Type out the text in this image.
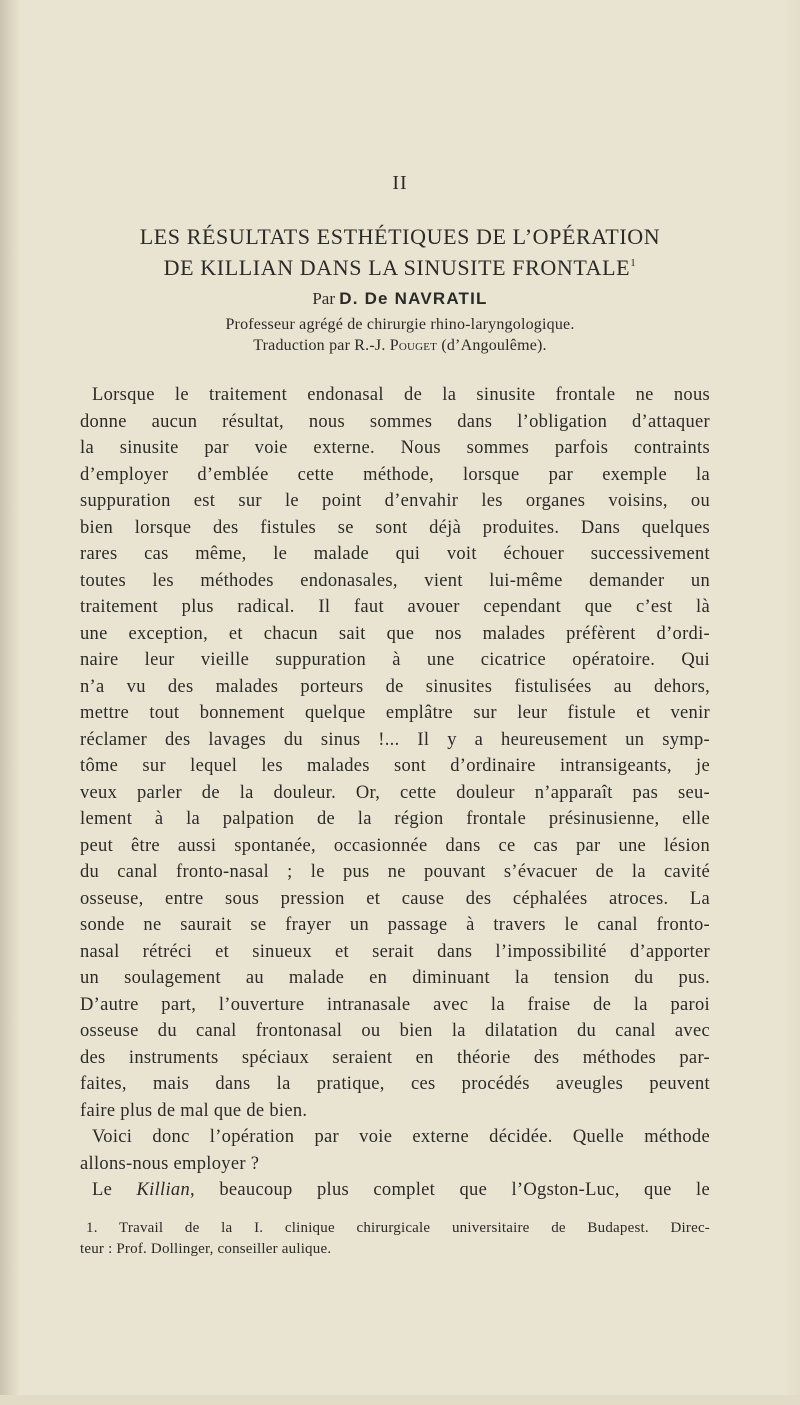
II
LES RÉSULTATS ESTHÉTIQUES DE L’OPÉRATION
DE KILLIAN DANS LA SINUSITE FRONTALE$^1$
Par D. De NAVRATIL
Professeur agrégé de chirurgie rhino-laryngologique.
Traduction par R.-J. Pouget (d’Angoulême).
Lorsque le traitement endonasal de la sinusite frontale ne nous
donne aucun résultat, nous sommes dans l’obligation d’attaquer
la sinusite par voie externe. Nous sommes parfois contraints
d’employer d’emblée cette méthode, lorsque par exemple la
suppuration est sur le point d’envahir les organes voisins, ou
bien lorsque des fistules se sont déjà produites. Dans quelques
rares cas même, le malade qui voit échouer successivement
toutes les méthodes endonasales, vient lui-même demander un
traitement plus radical. Il faut avouer cependant que c’est là
une exception, et chacun sait que nos malades préfèrent d’ordi-
naire leur vieille suppuration à une cicatrice opératoire. Qui
n’a vu des malades porteurs de sinusites fistulisées au dehors,
mettre tout bonnement quelque emplâtre sur leur fistule et venir
réclamer des lavages du sinus !... Il y a heureusement un symp-
tôme sur lequel les malades sont d’ordinaire intransigeants, je
veux parler de la douleur. Or, cette douleur n’apparaît pas seu-
lement à la palpation de la région frontale présinusienne, elle
peut être aussi spontanée, occasionnée dans ce cas par une lésion
du canal fronto-nasal ; le pus ne pouvant s’évacuer de la cavité
osseuse, entre sous pression et cause des céphalées atroces. La
sonde ne saurait se frayer un passage à travers le canal fronto-
nasal rétréci et sinueux et serait dans l’impossibilité d’apporter
un soulagement au malade en diminuant la tension du pus.
D’autre part, l’ouverture intranasale avec la fraise de la paroi
osseuse du canal frontonasal ou bien la dilatation du canal avec
des instruments spéciaux seraient en théorie des méthodes par-
faites, mais dans la pratique, ces procédés aveugles peuvent
faire plus de mal que de bien.
Voici donc l’opération par voie externe décidée. Quelle méthode
allons-nous employer ?
Le Killian, beaucoup plus complet que l’Ogston-Luc, que le
1. Travail de la I. clinique chirurgicale universitaire de Budapest. Direc-
teur : Prof. Dollinger, conseiller aulique.
